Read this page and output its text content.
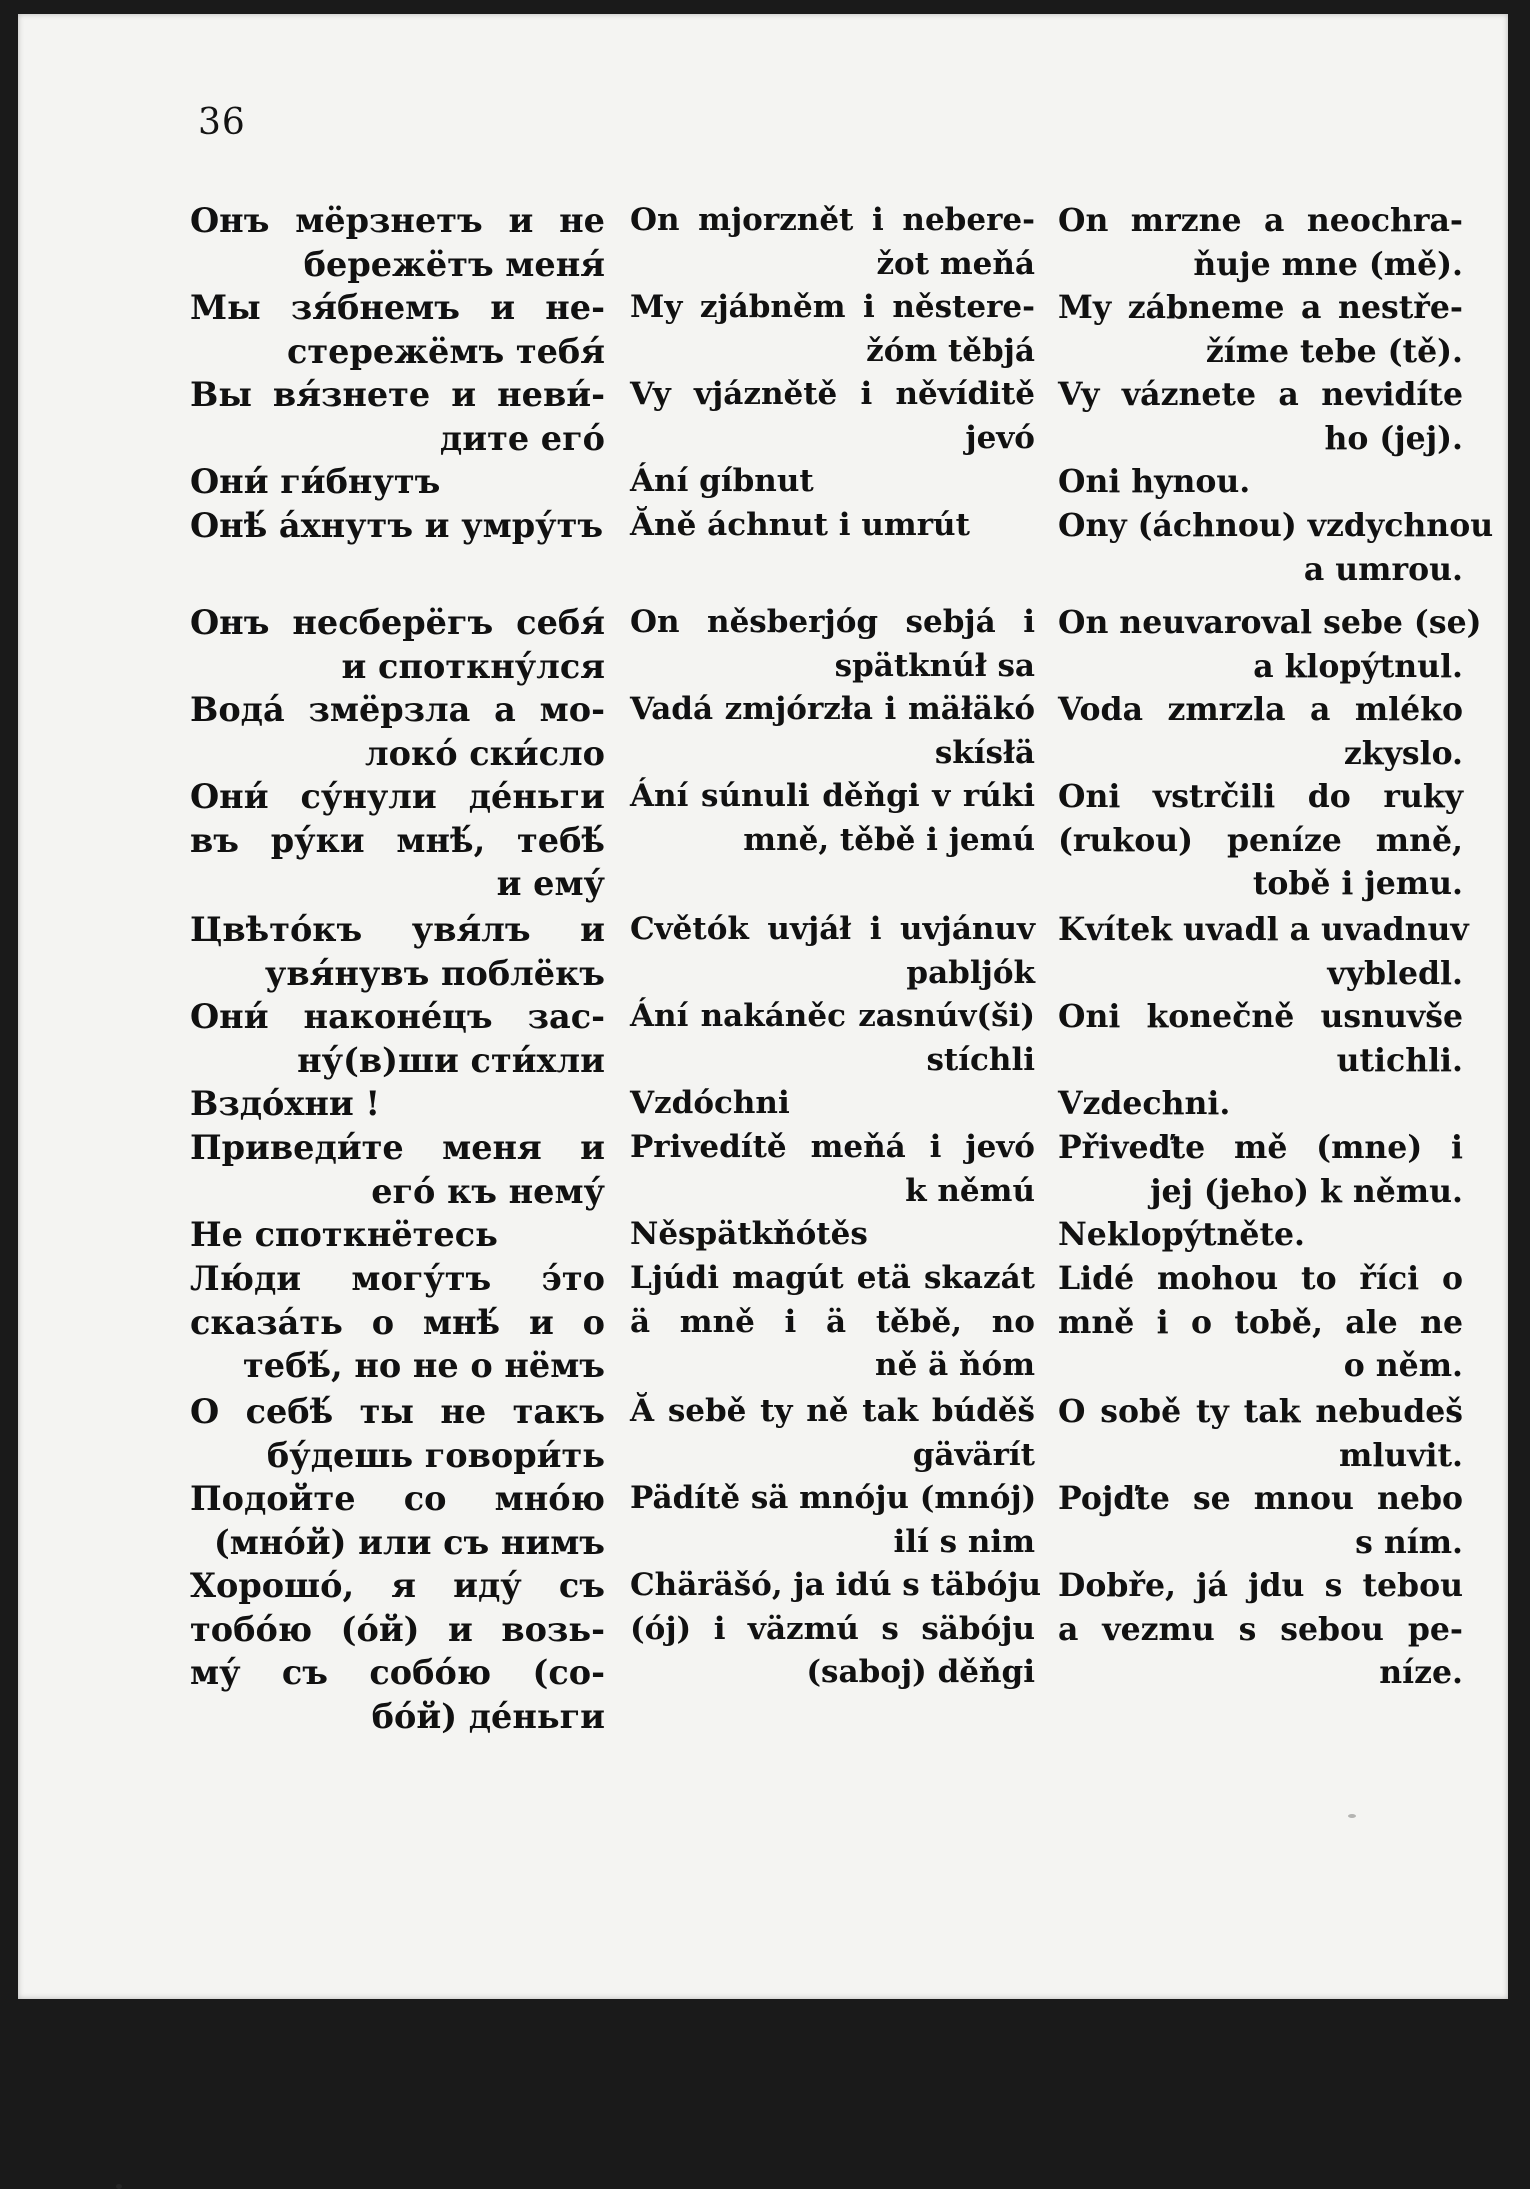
36
Онъ мёрзнетъ и не
бережётъ меня́
Мы зя́бнемъ и не-
стережёмъ тебя́
Вы вя́знете и неви́-
дите его́
Они́ ги́бнутъ
Онѣ́ а́хнутъ и умру́тъ
Онъ несберёгъ себя́
и споткну́лся
Вода́ змёрзла а мо-
локо́ ски́сло
Они́ су́нули де́ньги
въ ру́ки мнѣ́, тебѣ́
и ему́
Цвѣто́къ увя́лъ и
увя́нувъ поблёкъ
Они́ наконе́цъ зас-
ну́(в)ши сти́хли
Вздо́хни !
Приведи́те меня и
его́ къ нему́
Не споткнётесь
Лю́ди могу́тъ э́то
сказа́ть о мнѣ́ и о
тебѣ́, но не о нёмъ
О себѣ́ ты не такъ
бу́дешь говори́ть
Подойте со мно́ю
(мно́й) или съ нимъ
Хорошо́, я иду́ съ
тобо́ю (о́й) и возь-
му́ съ собо́ю (со-
бо́й) де́ньги
On mjorznět i nebere-
žot meňá
My zjábněm i něstere-
žóm těbjá
Vy vjáznětě i něvíditě
jevó
Ání gíbnut
Ăně áchnut i umrút
On něsberjóg sebjá i
spätknúł sa
Vadá zmjórzła i mäłäkó
skísłä
Ání súnuli děňgi v rúki
mně, těbě i jemú
Cvětók uvjáł i uvjánuv
pabljók
Ání nakáněc zasnúv(ši)
stíchli
Vzdóchni
Privedítě meňá i jevó
k němú
Něspätkňótěs
Ljúdi magút etä skazát
ä mně i ä těbě, no
ně ä ňóm
Ă sebě ty ně tak búděš
gävärít
Pädítě sä mnóju (mnój)
ilí s nim
Chäräšó, ja idú s täbóju
(ój) i väzmú s säbóju
(saboj) děňgi
On mrzne a neochra-
ňuje mne (mě).
My zábneme a nestře-
žíme tebe (tě).
Vy váznete a nevidíte
ho (jej).
Oni hynou.
Ony (áchnou) vzdychnou
a umrou.
On neuvaroval sebe (se)
a klopýtnul.
Voda zmrzla a mléko
zkyslo.
Oni vstrčili do ruky
(rukou) peníze mně,
tobě i jemu.
Kvítek uvadl a uvadnuv
vybledl.
Oni konečně usnuvše
utichli.
Vzdechni.
Přiveďte mě (mne) i
jej (jeho) k němu.
Neklopýtněte.
Lidé mohou to říci o
mně i o tobě, ale ne
o něm.
O sobě ty tak nebudeš
mluvit.
Pojďte se mnou nebo
s ním.
Dobře, já jdu s tebou
a vezmu s sebou pe-
níze.
